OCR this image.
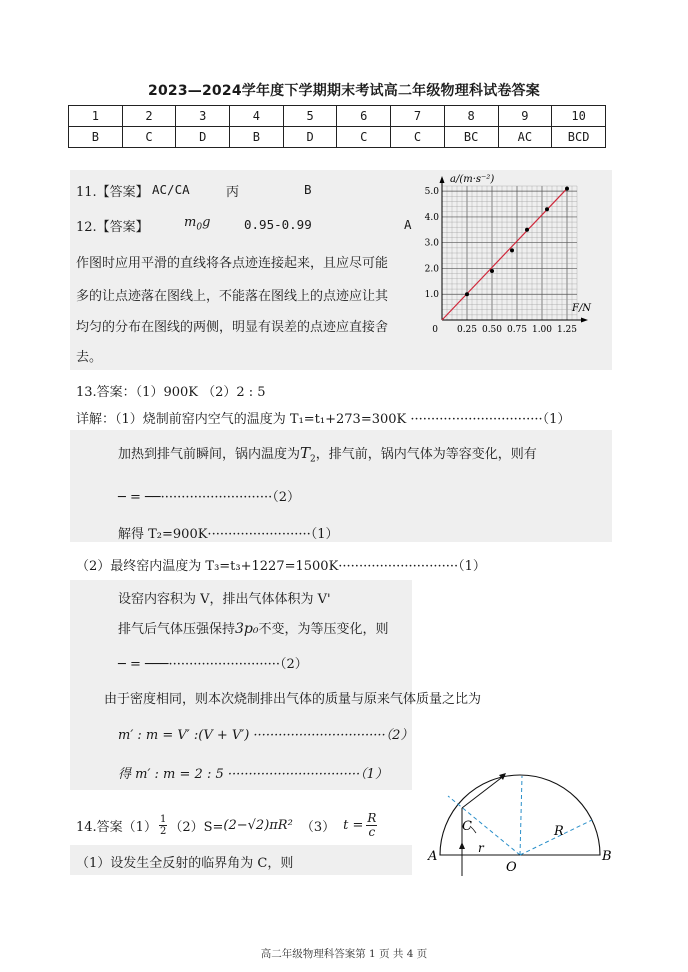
2023—2024学年度下学期期末考试高二年级物理科试卷答案
1	2	3	4	5	6	7	8	9	10
B	C	D	B	D	C	C	BC	AC	BCD
11.【答案】 AC/CA	丙	B
12.【答案】	$m_0g$	0.95-0.99	A
作图时应用平滑的直线将各点迹连接起来，且应尽可能
多的让点迹落在图线上，不能落在图线上的点迹应让其
均匀的分布在图线的两侧，明显有误差的点迹应直接舍
去。
a/(m·s⁻²)
F/N
0
1.0
2.0
3.0
4.0
5.0
0.25 0.50 0.75 1.00 1.25
13.答案：（1）900K （2）2 : 5
详解：（1）烧制前窑内空气的温度为 T₁=t₁+273=300K ································（1）
加热到排气前瞬间，锅内温度为$T_2$，排气前，锅内气体为等容变化，则有
─ = ──···························（2）
解得 T₂=900K·························（1）
（2）最终窑内温度为 T₃=t₃+1227=1500K·····························（1）
设窑内容积为 V，排出气体体积为 V'
排气后气体压强保持3p₀不变，为等压变化，则
─ = ───···························（2）
由于密度相同，则本次烧制排出气体的质量与原来气体质量之比为
m′ : m = V′ :(V + V′) ································（2）
得 m′ : m = 2 : 5 ································（1）
14.答案$(1) \frac{1}{2} (2)S= (2-√2)\pi R^2$ （3） $t = \frac{R}{c}$
（1）设发生全反射的临界角为 C，则	A	B
O
C	R
r
高二年级物理科答案第 1 页 共 4 页
